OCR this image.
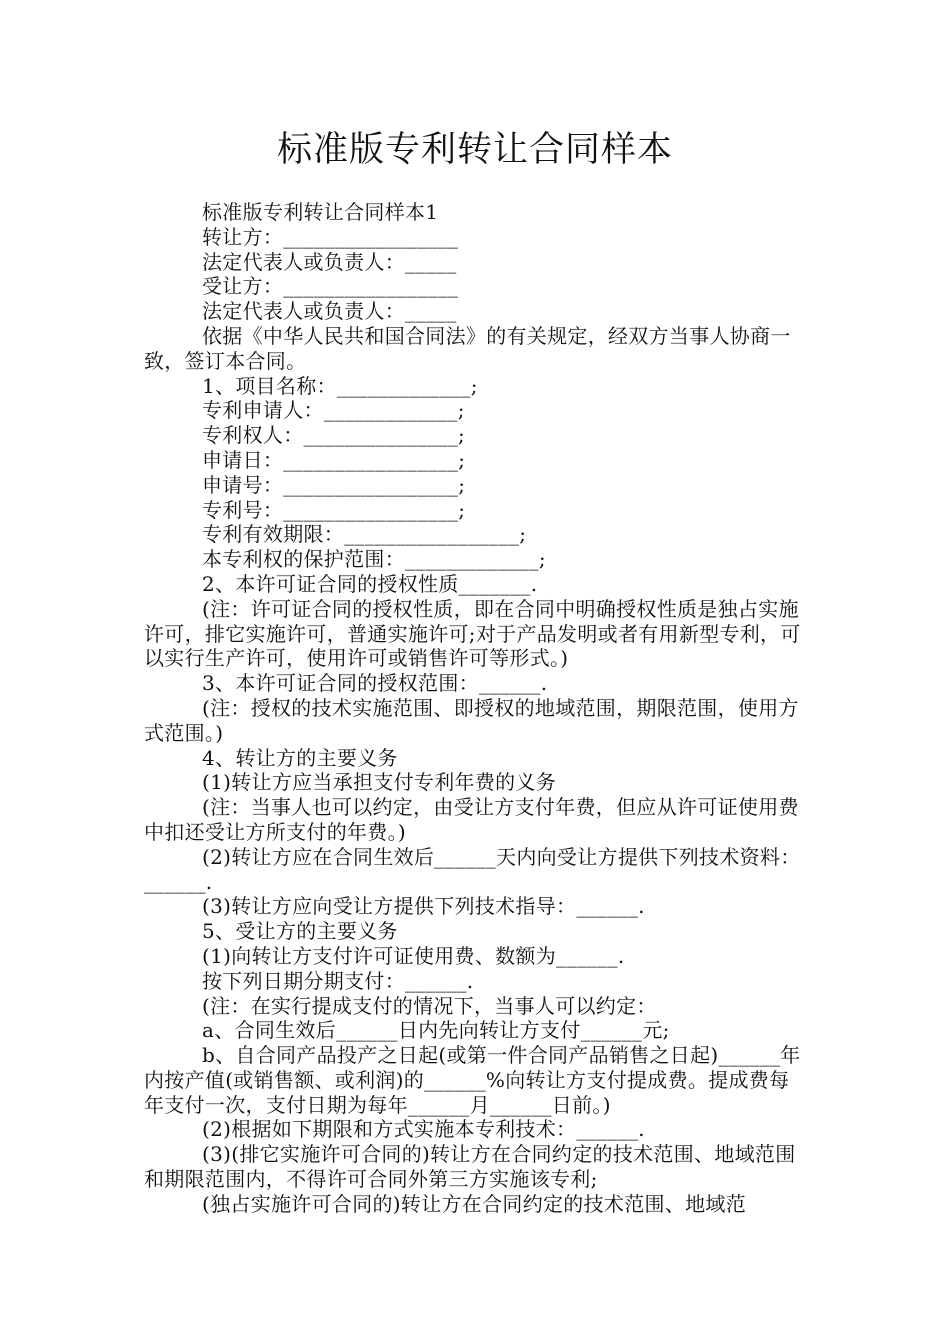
标准版专利转让合同样本

标准版专利转让合同样本1

转让方：_________________

法定代表人或负责人：_____

受让方：_________________

法定代表人或负责人：_____

依据《中华人民共和国合同法》的有关规定，经双方当事人协商一致，签订本合同。

1、项目名称：_____________;

专利申请人：_____________;

专利权人：_______________;

申请日：_________________;

申请号：_________________;

专利号：_________________;

专利有效期限：_________________;

本专利权的保护范围：_____________;

2、本许可证合同的授权性质_______.

(注：许可证合同的授权性质，即在合同中明确授权性质是独占实施许可，排它实施许可，普通实施许可;对于产品发明或者有用新型专利，可以实行生产许可，使用许可或销售许可等形式。)

3、本许可证合同的授权范围：______.

(注：授权的技术实施范围、即授权的地域范围，期限范围，使用方式范围。)

4、转让方的主要义务

(1)转让方应当承担支付专利年费的义务

(注：当事人也可以约定，由受让方支付年费，但应从许可证使用费中扣还受让方所支付的年费。)

(2)转让方应在合同生效后______天内向受让方提供下列技术资料：______.

(3)转让方应向受让方提供下列技术指导：______.

5、受让方的主要义务

(1)向转让方支付许可证使用费、数额为______.

按下列日期分期支付：______.

(注：在实行提成支付的情况下，当事人可以约定：

a、合同生效后______日内先向转让方支付______元;

b、自合同产品投产之日起(或第一件合同产品销售之日起)______年内按产值(或销售额、或利润)的______%向转让方支付提成费。提成费每年支付一次，支付日期为每年______月______日前。)

(2)根据如下期限和方式实施本专利技术：______.

(3)(排它实施许可合同的)转让方在合同约定的技术范围、地域范围和期限范围内，不得许可合同外第三方实施该专利;

(独占实施许可合同的)转让方在合同约定的技术范围、地域范
